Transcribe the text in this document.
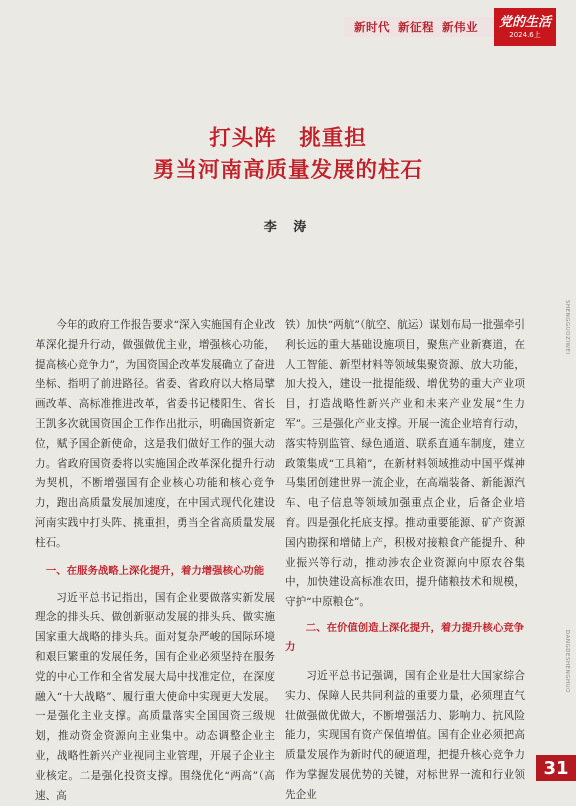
新时代 新征程 新伟业 党的生活
2024.6上
打头阵　挑重担
勇当河南高质量发展的柱石
李 涛

今年的政府工作报告要求“深入实施国有企业改革深化提升行动，做强做优主业，增强核心功能，提高核心竞争力”，为国资国企改革发展确立了奋进坐标、指明了前进路径。省委、省政府以大格局擘画改革、高标准推进改革，省委书记楼阳生、省长王凯多次就国资国企工作作出批示，明确国资新定位，赋予国企新使命，这是我们做好工作的强大动力。省政府国资委将以实施国企改革深化提升行动为契机，不断增强国有企业核心功能和核心竞争力，跑出高质量发展加速度，在中国式现代化建设河南实践中打头阵、挑重担，勇当全省高质量发展柱石。

一、在服务战略上深化提升，着力增强核心功能

习近平总书记指出，国有企业要做落实新发展理念的排头兵、做创新驱动发展的排头兵、做实施国家重大战略的排头兵。面对复杂严峻的国际环境和艰巨繁重的发展任务，国有企业必须坚持在服务党的中心工作和全省发展大局中找准定位，在深度融入“十大战略”、履行重大使命中实现更大发展。一是强化主业支撑。高质量落实全国国资三级规划，推动资金资源向主业集中。动态调整企业主业，战略性新兴产业视同主业管理，开展子企业主业核定。二是强化投资支撑。围绕优化“两高”（高速、高

铁）加快“两航”（航空、航运）谋划布局一批强牵引利长远的重大基础设施项目，聚焦产业新赛道，在人工智能、新型材料等领域集聚资源、放大功能，加大投入，建设一批提能级、增优势的重大产业项目，打造战略性新兴产业和未来产业发展“生力军”。三是强化产业支撑。开展一流企业培育行动，落实特别监管、绿色通道、联系直通车制度，建立政策集成“工具箱”，在新材料领域推动中国平煤神马集团创建世界一流企业，在高端装备、新能源汽车、电子信息等领域加强重点企业，后备企业培育。四是强化托底支撑。推动重要能源、矿产资源国内勘探和增储上产，积极对接粮食产能提升、种业振兴等行动，推动涉农企业资源向中原农谷集中，加快建设高标准农田，提升储粮技术和规模，守护“中原粮仓”。

二、在价值创造上深化提升，着力提升核心竞争力

习近平总书记强调，国有企业是壮大国家综合实力、保障人民共同利益的重要力量，必须理直气壮做强做优做大，不断增强活力、影响力、抗风险能力，实现国有资产保值增值。国有企业必须把高质量发展作为新时代的硬道理，把提升核心竞争力作为掌握发展优势的关键，对标世界一流和行业领先企业

SHENGGUOZIWEI
DANGDESHENGHUO
31
